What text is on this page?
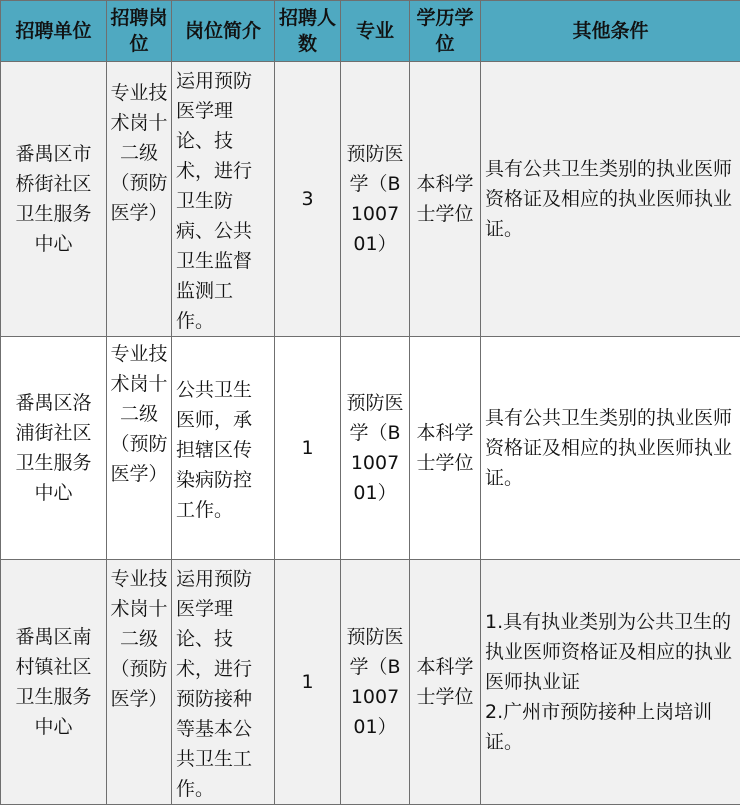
招聘单位	招聘岗位	岗位简介	招聘人数	专业	学历学位	其他条件
番禺区市桥街社区卫生服务中心	专业技术岗十二级（预防医学）	运用预防医学理论、技术，进行卫生防病、公共卫生监督监测工作。	3	预防医学（B100701）	本科学士学位	具有公共卫生类别的执业医师资格证及相应的执业医师执业证。
番禺区洛浦街社区卫生服务中心	专业技术岗十二级（预防医学）	公共卫生医师，承担辖区传染病防控工作。	1	预防医学（B100701）	本科学士学位	具有公共卫生类别的执业医师资格证及相应的执业医师执业证。
番禺区南村镇社区卫生服务中心	专业技术岗十二级（预防医学）	运用预防医学理论、技术，进行预防接种等基本公共卫生工作。	1	预防医学（B100701）	本科学士学位	1.具有执业类别为公共卫生的执业医师资格证及相应的执业医师执业证
2.广州市预防接种上岗培训证。
